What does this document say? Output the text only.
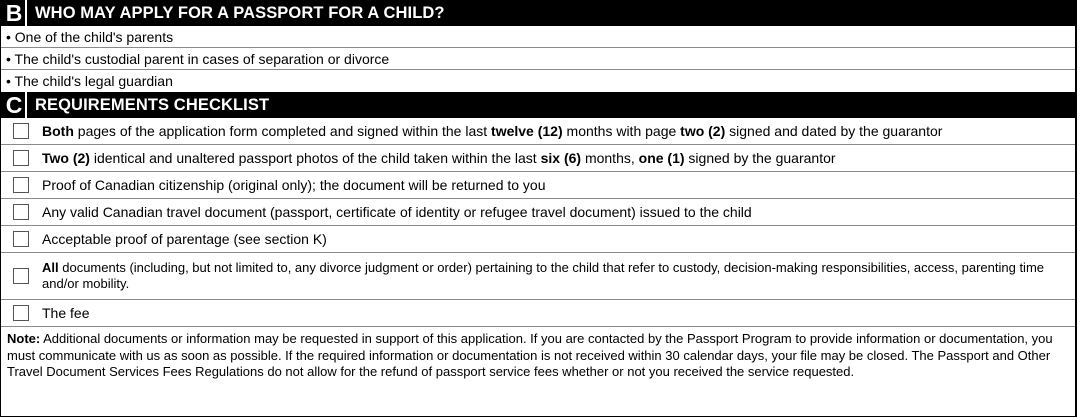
B WHO MAY APPLY FOR A PASSPORT FOR A CHILD?
• One of the child's parents
• The child's custodial parent in cases of separation or divorce
• The child's legal guardian
C REQUIREMENTS CHECKLIST
Both pages of the application form completed and signed within the last twelve (12) months with page two (2) signed and dated by the guarantor
Two (2) identical and unaltered passport photos of the child taken within the last six (6) months, one (1) signed by the guarantor
Proof of Canadian citizenship (original only); the document will be returned to you
Any valid Canadian travel document (passport, certificate of identity or refugee travel document) issued to the child
Acceptable proof of parentage (see section K)
All documents (including, but not limited to, any divorce judgment or order) pertaining to the child that refer to custody, decision-making responsibilities, access, parenting time and/or mobility.
The fee
Note: Additional documents or information may be requested in support of this application. If you are contacted by the Passport Program to provide information or documentation, you must communicate with us as soon as possible. If the required information or documentation is not received within 30 calendar days, your file may be closed. The Passport and Other Travel Document Services Fees Regulations do not allow for the refund of passport service fees whether or not you received the service requested.
